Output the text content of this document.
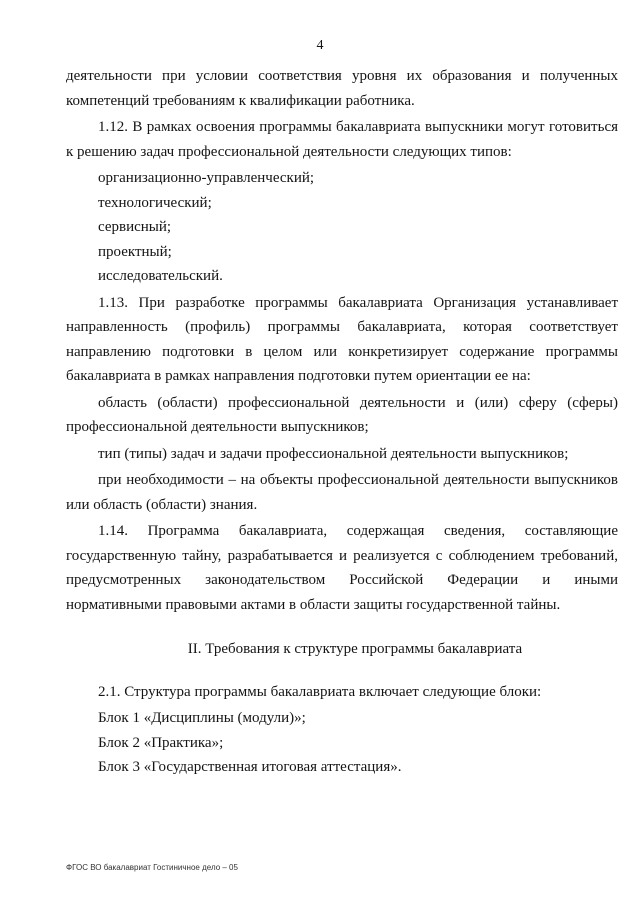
4
деятельности при условии соответствия уровня их образования и полученных
компетенций требованиям к квалификации работника.
1.12. В рамках освоения программы бакалавриата выпускники могут готовиться
к решению задач профессиональной деятельности следующих типов:
организационно-управленческий;
технологический;
сервисный;
проектный;
исследовательский.
1.13. При разработке программы бакалавриата Организация устанавливает
направленность (профиль) программы бакалавриата, которая соответствует
направлению подготовки в целом или конкретизирует содержание программы
бакалавриата в рамках направления подготовки путем ориентации ее на:
область (области) профессиональной деятельности и (или) сферу (сферы)
профессиональной деятельности выпускников;
тип (типы) задач и задачи профессиональной деятельности выпускников;
при необходимости – на объекты профессиональной деятельности выпускников
или область (области) знания.
1.14. Программа бакалавриата, содержащая сведения, составляющие
государственную тайну, разрабатывается и реализуется с соблюдением требований,
предусмотренных законодательством Российской Федерации и иными
нормативными правовыми актами в области защиты государственной тайны.
II. Требования к структуре программы бакалавриата
2.1. Структура программы бакалавриата включает следующие блоки:
Блок 1 «Дисциплины (модули)»;
Блок 2 «Практика»;
Блок 3 «Государственная итоговая аттестация».
ФГОС ВО бакалавриат Гостиничное дело – 05
